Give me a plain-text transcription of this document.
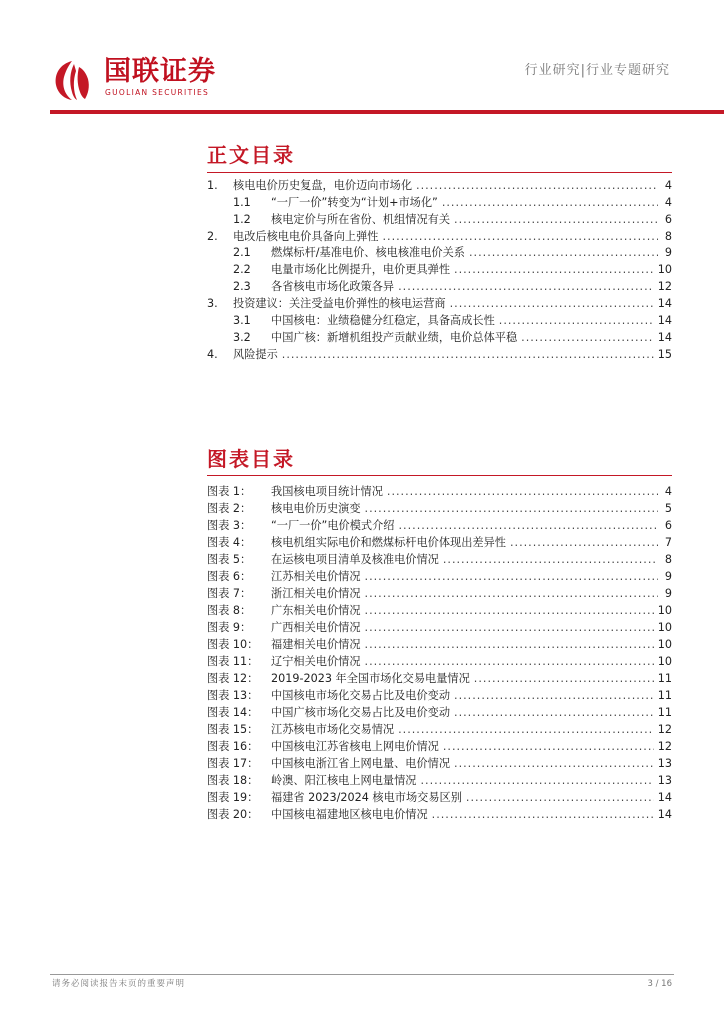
国联证券
GUOLIAN SECURITIES
行业研究|行业专题研究
正文目录
1.	核电电价历史复盘，电价迈向市场化 .....	4
1.1	“一厂一价”转变为“计划+市场化” .....	4
1.2	核电定价与所在省份、机组情况有关 .....	6
2.	电改后核电电价具备向上弹性 .....	8
2.1	燃煤标杆/基准电价、核电核准电价关系 .....	9
2.2	电量市场化比例提升，电价更具弹性 .....	10
2.3	各省核电市场化政策各异 .....	12
3.	投资建议：关注受益电价弹性的核电运营商 .....	14
3.1	中国核电：业绩稳健分红稳定，具备高成长性 .....	14
3.2	中国广核：新增机组投产贡献业绩，电价总体平稳 .....	14
4.	风险提示 .....	15
图表目录
图表 1：	我国核电项目统计情况 .....	4
图表 2：	核电电价历史演变 .....	5
图表 3：	“一厂一价”电价模式介绍 .....	6
图表 4：	核电机组实际电价和燃煤标杆电价体现出差异性 .....	7
图表 5：	在运核电项目清单及核准电价情况 .....	8
图表 6：	江苏相关电价情况 .....	9
图表 7：	浙江相关电价情况 .....	9
图表 8：	广东相关电价情况 .....	10
图表 9：	广西相关电价情况 .....	10
图表 10：	福建相关电价情况 .....	10
图表 11：	辽宁相关电价情况 .....	10
图表 12：	2019-2023 年全国市场化交易电量情况 .....	11
图表 13：	中国核电市场化交易占比及电价变动 .....	11
图表 14：	中国广核市场化交易占比及电价变动 .....	11
图表 15：	江苏核电市场化交易情况 .....	12
图表 16：	中国核电江苏省核电上网电价情况 .....	12
图表 17：	中国核电浙江省上网电量、电价情况 .....	13
图表 18：	岭澳、阳江核电上网电量情况 .....	13
图表 19：	福建省 2023/2024 核电市场交易区别 .....	14
图表 20：	中国核电福建地区核电电价情况 .....	14
请务必阅读报告末页的重要声明	3 / 16
